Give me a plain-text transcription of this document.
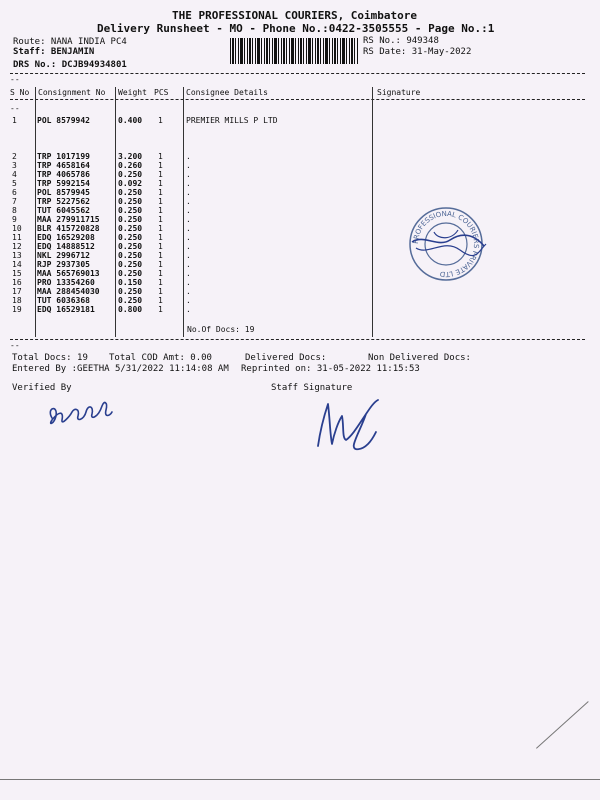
THE PROFESSIONAL COURIERS, Coimbatore
Delivery Runsheet - MO - Phone No.:0422-3505555 - Page No.:1
Route: NANA INDIA PC4
Staff: BENJAMIN
DRS No.: DCJB94934801
RS No.: 949348
RS Date: 31-May-2022
--
--
S No Consignment No Weight PCS Consignee Details	Signature
1	POL 8579942	0.400 1	PREMIER MILLS P LTD
2	TRP 1017199	3.200 1	.
3	TRP 4658164	0.260 1	.
4	TRP 4065786	0.250 1	.
5	TRP 5992154	0.092 1	.
6	POL 8579945	0.250 1	.
7	TRP 5227562	0.250 1	.
8	TUT 6045562	0.250 1	.
9	MAA 279911715 0.250 1	.
10 BLR 415720828 0.250 1	.
11 EDQ 16529208	0.250 1	.
12 EDQ 14888512	0.250 1	.
13 NKL 2996712	0.250 1	.
14 RJP 2937305	0.250 1	.
15 MAA 565769013 0.250 1	.
16 PRO 13354260	0.150 1	.
17 MAA 288454030 0.250 1	.
18 TUT 6036368	0.250 1	.
19 EDQ 16529181	0.800 1	.
No.Of Docs: 19
--
Total Docs: 19 Total COD Amt: 0.00	Delivered Docs:	Non Delivered Docs:
Entered By :GEETHA 5/31/2022 11:14:08 AM Reprinted on: 31-05-2022 11:15:53
Verified By	Staff Signature
PROFESSIONAL COURIERS PRIVATE LTD
